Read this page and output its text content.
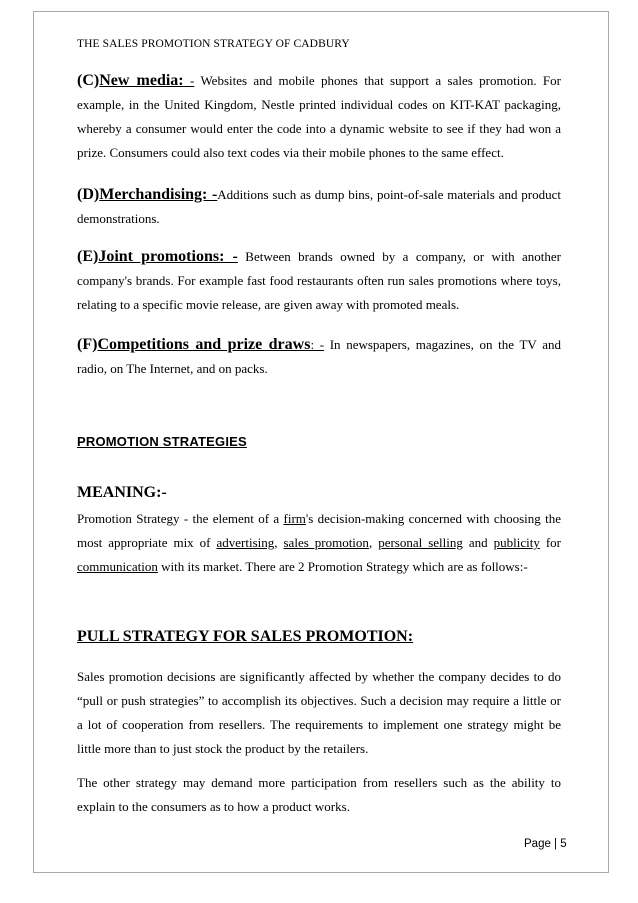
THE SALES PROMOTION STRATEGY OF CADBURY

(C)New media: - Websites and mobile phones that support a sales promotion. For example, in the United Kingdom, Nestle printed individual codes on KIT-KAT packaging, whereby a consumer would enter the code into a dynamic website to see if they had won a prize. Consumers could also text codes via their mobile phones to the same effect.

(D)Merchandising: -Additions such as dump bins, point-of-sale materials and product demonstrations.

(E)Joint promotions: - Between brands owned by a company, or with another company's brands. For example fast food restaurants often run sales promotions where toys, relating to a specific movie release, are given away with promoted meals.

(F)Competitions and prize draws: - In newspapers, magazines, on the TV and radio, on The Internet, and on packs.

PROMOTION STRATEGIES
MEANING:-

Promotion Strategy - the element of a firm's decision-making concerned with choosing the most appropriate mix of advertising, sales promotion, personal selling and publicity for communication with its market. There are 2 Promotion Strategy which are as follows:-

PULL STRATEGY FOR SALES PROMOTION:

Sales promotion decisions are significantly affected by whether the company decides to do “pull or push strategies” to accomplish its objectives. Such a decision may require a little or a lot of cooperation from resellers. The requirements to implement one strategy might be little more than to just stock the product by the retailers.

The other strategy may demand more participation from resellers such as the ability to explain to the consumers as to how a product works.

Page | 5
